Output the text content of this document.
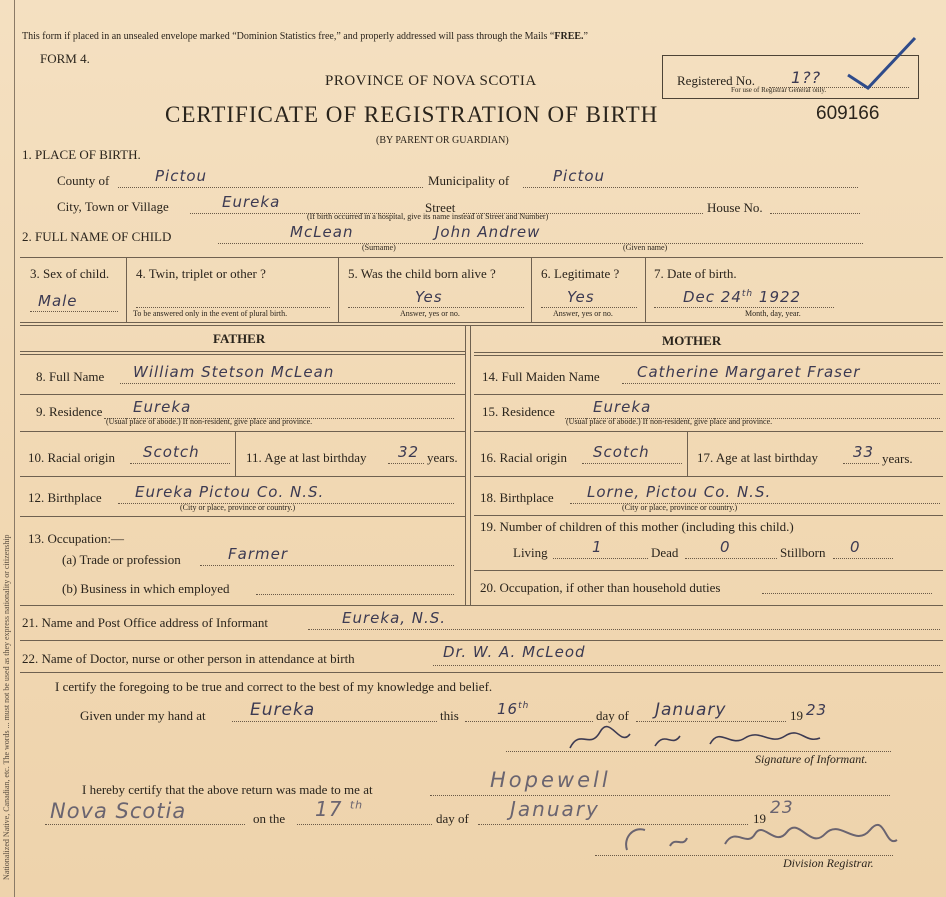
Nationalized Native, Canadian, etc. The words ... must not be used as they express nationality or citizenship
This form if placed in an unsealed envelope marked “Dominion Statistics free,” and properly addressed will pass through the Mails “FREE.”
FORM 4.
PROVINCE OF NOVA SCOTIA
CERTIFICATE OF REGISTRATION OF BIRTH
(BY PARENT OR GUARDIAN)
609166
Registered No. 1??
For use of Registrar General only.
1. PLACE OF BIRTH.
County of	Pictou	Municipality of	Pictou
City, Town or Village	Eureka	Street	House No.
(If birth occurred in a hospital, give its name instead of Street and Number)
2. FULL NAME OF CHILD	McLean	John Andrew
(Surname)	(Given name)
3. Sex of child.
Male
4. Twin, triplet or other ?
To be answered only in the event of plural birth.
5. Was the child born alive ?
Yes
Answer, yes or no.
6. Legitimate ?
Yes
Answer, yes or no.
7. Date of birth.
Dec 24th 1922
Month, day, year.
FATHER	MOTHER
8. Full Name William Stetson McLean
9. Residence Eureka
(Usual place of abode.) If non-resident, give place and province.
10. Racial origin Scotch	11. Age at last birthday 32 years.
12. Birthplace Eureka Pictou Co. N.S.
(City or place, province or country.)
13. Occupation:—
(a) Trade or profession	Farmer
(b) Business in which employed
14. Full Maiden Name Catherine Margaret Fraser
15. Residence	Eureka
(Usual place of abode.) If non-resident, give place and province.
16. Racial origin Scotch	17. Age at last birthday 33 years.
18. Birthplace Lorne, Pictou Co. N.S.
(City or place, province or country.)
19. Number of children of this mother (including this child.)
Living	1	Dead	0	Stillborn 0
20. Occupation, if other than household duties
21. Name and Post Office address of Informant	Eureka, N.S.
22. Name of Doctor, nurse or other person in attendance at birth	Dr. W. A. McLeod
I certify the foregoing to be true and correct to the best of my knowledge and belief.
Given under my hand at	Eureka	this	16th
day of January	19 23
Signature of Informant.
I hereby certify that the above return was made to me at	Hopewell
Nova Scotia	on the 17 $^{th}$
day of January	19
23
Division Registrar.
